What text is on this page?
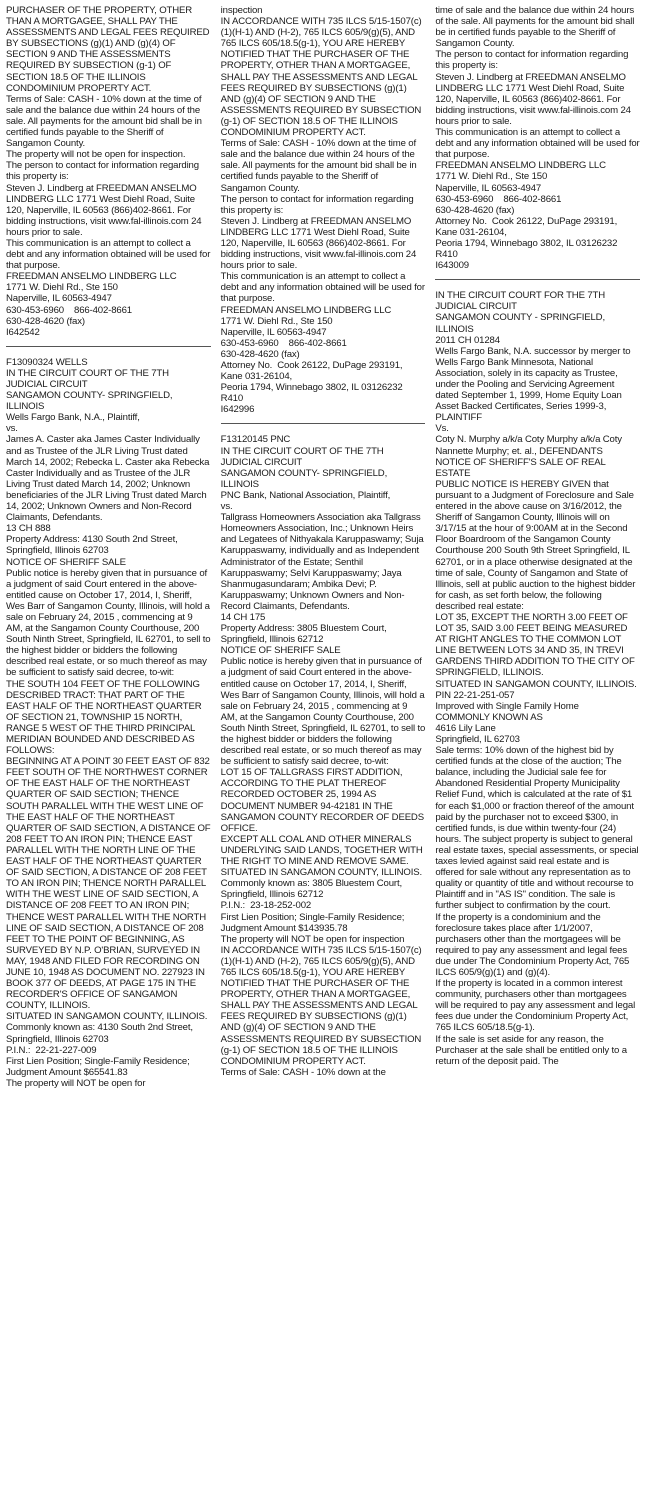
PURCHASER OF THE PROPERTY, OTHER THAN A MORTGAGEE, SHALL PAY THE ASSESSMENTS AND LEGAL FEES REQUIRED BY SUBSECTIONS (g)(1) AND (g)(4) OF SECTION 9 AND THE ASSESSMENTS REQUIRED BY SUBSECTION (g-1) OF SECTION 18.5 OF THE ILLINOIS CONDOMINIUM PROPERTY ACT.

Terms of Sale: CASH - 10% down at the time of sale and the balance due within 24 hours of the sale. All payments for the amount bid shall be in certified funds payable to the Sheriff of Sangamon County.

The property will not be open for inspection.

The person to contact for information regarding this property is:
Steven J. Lindberg at FREEDMAN ANSELMO LINDBERG LLC 1771 West Diehl Road, Suite 120, Naperville, IL 60563 (866)402-8661. For bidding instructions, visit www.fal-illinois.com 24 hours prior to sale.

This communication is an attempt to collect a debt and any information obtained will be used for that purpose.
FREEDMAN ANSELMO LINDBERG LLC
1771 W. Diehl Rd., Ste 150
Naperville, IL 60563-4947
630-453-6960    866-402-8661
630-428-4620 (fax)
I642542

F13090324 WELLS
IN THE CIRCUIT COURT OF THE 7TH JUDICIAL CIRCUIT
SANGAMON COUNTY- SPRINGFIELD, ILLINOIS
Wells Fargo Bank, N.A., Plaintiff,
vs.
James A. Caster aka James Caster Individually and as Trustee of the JLR Living Trust dated March 14, 2002; Rebecka L. Caster aka Rebecka Caster Individually and as Trustee of the JLR Living Trust dated March 14, 2002; Unknown beneficiaries of the JLR Living Trust dated March 14, 2002; Unknown Owners and Non-Record Claimants, Defendants.
13 CH 888
Property Address: 4130 South 2nd Street, Springfield, Illinois 62703
NOTICE OF SHERIFF SALE

Public notice is hereby given that in pursuance of a judgment of said Court entered in the above-entitled cause on October 17, 2014, I, Sheriff, Wes Barr of Sangamon County, Illinois, will hold a sale on February 24, 2015 , commencing at 9  AM, at the Sangamon County Courthouse, 200 South Ninth Street, Springfield, IL 62701, to sell to the highest bidder or bidders the following described real estate, or so much thereof as may be sufficient to satisfy said decree, to-wit:

THE SOUTH 104 FEET OF THE FOLLOWING DESCRIBED TRACT: THAT PART OF THE EAST HALF OF THE NORTHEAST QUARTER OF SECTION 21, TOWNSHIP 15 NORTH, RANGE 5 WEST OF THE THIRD PRINCIPAL MERIDIAN BOUNDED AND DESCRIBED AS FOLLOWS:
BEGINNING AT A POINT 30 FEET EAST OF 832 FEET SOUTH OF THE NORTHWEST CORNER OF THE EAST HALF OF THE NORTHEAST QUARTER OF SAID SECTION; THENCE SOUTH PARALLEL WITH THE WEST LINE OF THE EAST HALF OF THE NORTHEAST QUARTER OF SAID SECTION, A DISTANCE OF 208 FEET TO AN IRON PIN; THENCE EAST PARALLEL WITH THE NORTH LINE OF THE EAST HALF OF THE NORTHEAST QUARTER OF SAID SECTION, A DISTANCE OF 208 FEET TO AN IRON PIN; THENCE NORTH PARALLEL WITH THE WEST LINE OF SAID SECTION, A DISTANCE OF 208 FEET TO AN IRON PIN; THENCE WEST PARALLEL WITH THE NORTH LINE OF SAID SECTION, A DISTANCE OF 208 FEET TO THE POINT OF BEGINNING, AS SURVEYED BY N.P. O'BRIAN, SURVEYED IN MAY, 1948 AND FILED FOR RECORDING ON JUNE 10, 1948 AS DOCUMENT NO. 227923 IN BOOK 377 OF DEEDS, AT PAGE 175 IN THE RECORDER'S OFFICE OF SANGAMON COUNTY, ILLINOIS.
SITUATED IN SANGAMON COUNTY, ILLINOIS.

Commonly known as: 4130 South 2nd Street, Springfield, Illinois 62703
P.I.N.:  22-21-227-009
First Lien Position; Single-Family Residence; Judgment Amount $65541.83
The property will NOT be open for

inspection
IN ACCORDANCE WITH 735 ILCS 5/15-1507(c)(1)(H-1) AND (H-2), 765 ILCS 605/9(g)(5), AND 765 ILCS 605/18.5(g-1), YOU ARE HEREBY NOTIFIED THAT THE PURCHASER OF THE PROPERTY, OTHER THAN A MORTGAGEE, SHALL PAY THE ASSESSMENTS AND LEGAL FEES REQUIRED BY SUBSECTIONS (g)(1) AND (g)(4) OF SECTION 9 AND THE ASSESSMENTS REQUIRED BY SUBSECTION (g-1) OF SECTION 18.5 OF THE ILLINOIS CONDOMINIUM PROPERTY ACT.

Terms of Sale: CASH - 10% down at the time of sale and the balance due within 24 hours of the sale. All payments for the amount bid shall be in certified funds payable to the Sheriff of Sangamon County.

The person to contact for information regarding this property is:
Steven J. Lindberg at FREEDMAN ANSELMO LINDBERG LLC 1771 West Diehl Road, Suite 120, Naperville, IL 60563 (866)402-8661. For bidding instructions, visit www.fal-illinois.com 24 hours prior to sale.

This communication is an attempt to collect a debt and any information obtained will be used for that purpose.
FREEDMAN ANSELMO LINDBERG LLC
1771 W. Diehl Rd., Ste 150
Naperville, IL 60563-4947
630-453-6960    866-402-8661
630-428-4620 (fax)
Attorney No.  Cook 26122, DuPage 293191, Kane 031-26104,
Peoria 1794, Winnebago 3802, IL 03126232 R410
I642996

F13120145 PNC
IN THE CIRCUIT COURT OF THE 7TH JUDICIAL CIRCUIT
SANGAMON COUNTY- SPRINGFIELD, ILLINOIS
PNC Bank, National Association, Plaintiff,
vs.
Tallgrass Homeowners Association aka Tallgrass Homeowners Association, Inc.; Unknown Heirs and Legatees of Nithyakala Karuppaswamy; Suja Karuppaswamy, individually and as Independent Administrator of the Estate; Senthil Karuppaswamy; Selvi Karuppaswamy; Jaya Shanmugasundaram; Ambika Devi; P. Karuppaswamy; Unknown Owners and Non-Record Claimants, Defendants.
14 CH 175
Property Address: 3805 Bluestem Court, Springfield, Illinois 62712
NOTICE OF SHERIFF SALE

Public notice is hereby given that in pursuance of a judgment of said Court entered in the above-entitled cause on October 17, 2014, I, Sheriff, Wes Barr of Sangamon County, Illinois, will hold a sale on February 24, 2015 , commencing at 9 AM, at the Sangamon County Courthouse, 200 South Ninth Street, Springfield, IL 62701, to sell to the highest bidder or bidders the following described real estate, or so much thereof as may be sufficient to satisfy said decree, to-wit:

LOT 15 OF TALLGRASS FIRST ADDITION, ACCORDING TO THE PLAT THEREOF RECORDED OCTOBER 25, 1994 AS DOCUMENT NUMBER 94-42181 IN THE SANGAMON COUNTY RECORDER OF DEEDS OFFICE.
EXCEPT ALL COAL AND OTHER MINERALS UNDERLYING SAID LANDS, TOGETHER WITH THE RIGHT TO MINE AND REMOVE SAME.
SITUATED IN SANGAMON COUNTY, ILLINOIS.

Commonly known as: 3805 Bluestem Court, Springfield, Illinois 62712
P.I.N.:  23-18-252-002
First Lien Position; Single-Family Residence; Judgment Amount $143935.78
The property will NOT be open for inspection

IN ACCORDANCE WITH 735 ILCS 5/15-1507(c)(1)(H-1) AND (H-2), 765 ILCS 605/9(g)(5), AND 765 ILCS 605/18.5(g-1), YOU ARE HEREBY NOTIFIED THAT THE PURCHASER OF THE PROPERTY, OTHER THAN A MORTGAGEE, SHALL PAY THE ASSESSMENTS AND LEGAL FEES REQUIRED BY SUBSECTIONS (g)(1) AND (g)(4) OF SECTION 9 AND THE ASSESSMENTS REQUIRED BY SUBSECTION (g-1) OF SECTION 18.5 OF THE ILLINOIS CONDOMINIUM PROPERTY ACT.

Terms of Sale: CASH - 10% down at the

time of sale and the balance due within 24 hours of the sale. All payments for the amount bid shall be in certified funds payable to the Sheriff of Sangamon County.

The person to contact for information regarding this property is:
Steven J. Lindberg at FREEDMAN ANSELMO LINDBERG LLC 1771 West Diehl Road, Suite 120, Naperville, IL 60563 (866)402-8661. For bidding instructions, visit www.fal-illinois.com 24 hours prior to sale.

This communication is an attempt to collect a debt and any information obtained will be used for that purpose.
FREEDMAN ANSELMO LINDBERG LLC
1771 W. Diehl Rd., Ste 150
Naperville, IL 60563-4947
630-453-6960    866-402-8661
630-428-4620 (fax)
Attorney No.  Cook 26122, DuPage 293191, Kane 031-26104,
Peoria 1794, Winnebago 3802, IL 03126232 R410
I643009

IN THE CIRCUIT COURT FOR THE 7TH JUDICIAL CIRCUIT
SANGAMON COUNTY - SPRINGFIELD, ILLINOIS
2011 CH 01284
Wells Fargo Bank, N.A. successor by merger to Wells Fargo Bank Minnesota, National Association, solely in its capacity as Trustee, under the Pooling and Servicing Agreement dated September 1, 1999, Home Equity Loan Asset Backed Certificates, Series 1999-3, PLAINTIFF
Vs.
Coty N. Murphy a/k/a Coty Murphy a/k/a Coty Nannette Murphy; et. al., DEFENDANTS
NOTICE OF SHERIFF'S SALE OF REAL ESTATE

PUBLIC NOTICE IS HEREBY GIVEN that pursuant to a Judgment of Foreclosure and Sale entered in the above cause on 3/16/2012, the Sheriff of Sangamon County, Illinois will on 3/17/15 at the hour of 9:00AM at in the Second Floor Boardroom of the Sangamon County Courthouse 200 South 9th Street Springfield, IL 62701, or in a place otherwise designated at the time of sale, County of Sangamon and State of Illinois, sell at public auction to the highest bidder for cash, as set forth below, the following described real estate:

LOT 35, EXCEPT THE NORTH 3.00 FEET OF LOT 35, SAID 3.00 FEET BEING MEASURED AT RIGHT ANGLES TO THE COMMON LOT LINE BETWEEN LOTS 34 AND 35, IN TREVI GARDENS THIRD ADDITION TO THE CITY OF SPRINGFIELD, ILLINOIS.
SITUATED IN SANGAMON COUNTY, ILLINOIS.
PIN 22-21-251-057
Improved with Single Family Home
COMMONLY KNOWN AS
4616 Lily Lane
Springfield, IL 62703

Sale terms: 10% down of the highest bid by certified funds at the close of the auction; The balance, including the Judicial sale fee for Abandoned Residential Property Municipality Relief Fund, which is calculated at the rate of $1 for each $1,000 or fraction thereof of the amount paid by the purchaser not to exceed $300, in certified funds, is due within twenty-four (24) hours. The subject property is subject to general real estate taxes, special assessments, or special taxes levied against said real estate and is offered for sale without any representation as to quality or quantity of title and without recourse to Plaintiff and in "AS IS" condition. The sale is further subject to confirmation by the court.

If the property is a condominium and the foreclosure takes place after 1/1/2007, purchasers other than the mortgagees will be required to pay any assessment and legal fees due under The Condominium Property Act, 765 ILCS 605/9(g)(1) and (g)(4).

If the property is located in a common interest community, purchasers other than mortgagees will be required to pay any assessment and legal fees due under the Condominium Property Act, 765 ILCS 605/18.5(g-1).

If the sale is set aside for any reason, the Purchaser at the sale shall be entitled only to a return of the deposit paid. The
